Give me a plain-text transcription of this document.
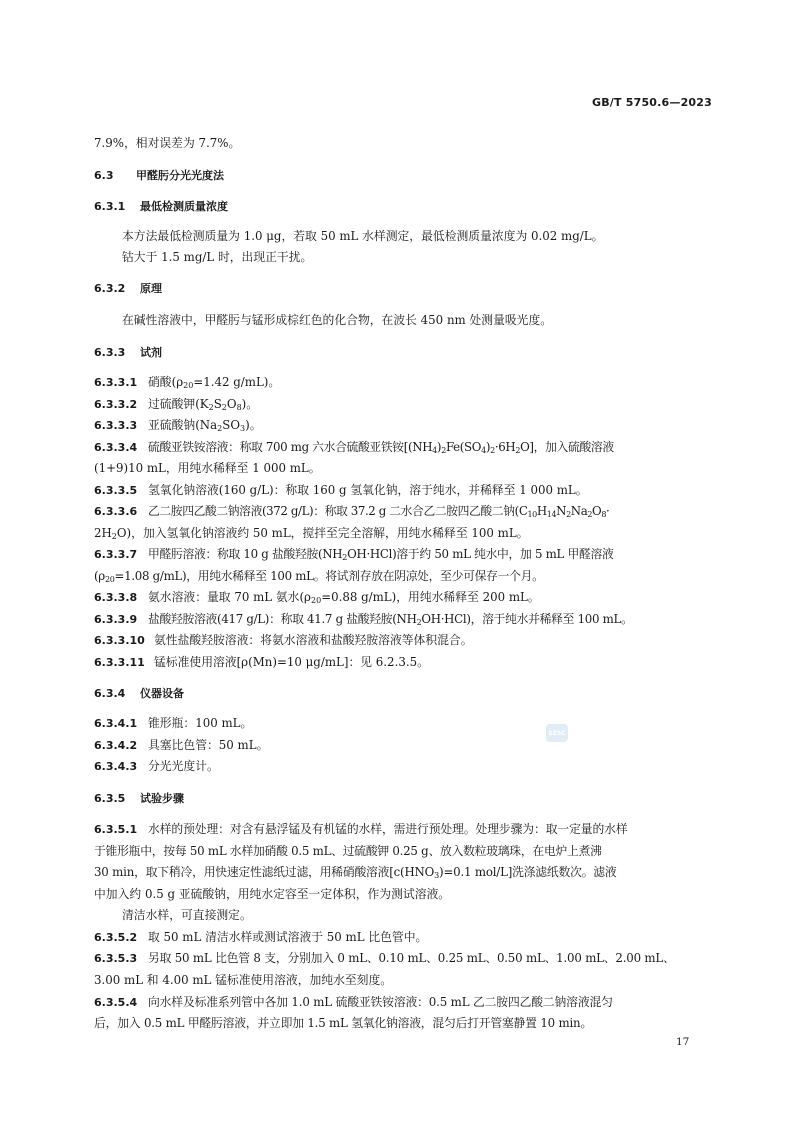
GB/T 5750.6—2023
SZSC
7.9%，相对误差为 7.7%。
6.3 甲醛肟分光光度法
6.3.1 最低检测质量浓度
本方法最低检测质量为 1.0 μg，若取 50 mL 水样测定，最低检测质量浓度为 0.02 mg/L。
钴大于 1.5 mg/L 时，出现正干扰。
6.3.2 原理
在碱性溶液中，甲醛肟与锰形成棕红色的化合物，在波长 450 nm 处测量吸光度。
6.3.3 试剂
6.3.3.1 硝酸($\rho_{20}=1.42$ g/mL)。
6.3.3.2 过硫酸钾$(K_2S_2O_8)$。
6.3.3.3 亚硫酸钠$(Na_2SO_3)$。
6.3.3.4 硫酸亚铁铵溶液：称取 700 mg 六水合硫酸亚铁铵$[(NH_4)_2Fe(SO_4)_2\cdot 6H_2O]$，加入硫酸溶液
(1+9)10 mL，用纯水稀释至 1 000 mL。
6.3.3.5 氢氧化钠溶液(160 g/L)：称取 160 g 氢氧化钠，溶于纯水，并稀释至 1 000 mL。
6.3.3.6 乙二胺四乙酸二钠溶液(372 g/L)：称取 37.2 g 二水合乙二胺四乙酸二钠($C_{10}H_{14}N_2Na_2O_8\cdot$
$2H_2O$)，加入氢氧化钠溶液约 50 mL，搅拌至完全溶解，用纯水稀释至 100 mL。
6.3.3.7 甲醛肟溶液：称取 10 g 盐酸羟胺$(NH_2OH\cdot HCl)$溶于约 50 mL 纯水中，加 5 mL 甲醛溶液
($\rho_{20}=1.08$ g/mL)，用纯水稀释至 100 mL。将试剂存放在阴凉处，至少可保存一个月。
6.3.3.8 氨水溶液：量取 70 mL 氨水($\rho_{20}=0.88$ g/mL)，用纯水稀释至 200 mL。
6.3.3.9 盐酸羟胺溶液(417 g/L)：称取 41.7 g 盐酸羟胺$(NH_2OH\cdot HCl)$，溶于纯水并稀释至 100 mL。
6.3.3.10 氨性盐酸羟胺溶液：将氨水溶液和盐酸羟胺溶液等体积混合。
6.3.3.11 锰标准使用溶液[ρ(Mn)=10 μg/mL]：见 6.2.3.5。
6.3.4 仪器设备
6.3.4.1 锥形瓶：100 mL。
6.3.4.2 具塞比色管：50 mL。
6.3.4.3 分光光度计。
6.3.5 试验步骤
6.3.5.1 水样的预处理：对含有悬浮锰及有机锰的水样，需进行预处理。处理步骤为：取一定量的水样
于锥形瓶中，按每 50 mL 水样加硝酸 0.5 mL、过硫酸钾 0.25 g、放入数粒玻璃珠，在电炉上煮沸
30 min，取下稍冷，用快速定性滤纸过滤，用稀硝酸溶液[$c(HNO_3)=0.1$ mol/L]洗涤滤纸数次。滤液
中加入约 0.5 g 亚硫酸钠，用纯水定容至一定体积，作为测试溶液。
清洁水样，可直接测定。
6.3.5.2 取 50 mL 清洁水样或测试溶液于 50 mL 比色管中。
6.3.5.3 另取 50 mL 比色管 8 支，分别加入 0 mL、0.10 mL、0.25 mL、0.50 mL、1.00 mL、2.00 mL、
3.00 mL 和 4.00 mL 锰标准使用溶液，加纯水至刻度。
6.3.5.4 向水样及标准系列管中各加 1.0 mL 硫酸亚铁铵溶液：0.5 mL 乙二胺四乙酸二钠溶液混匀
后，加入 0.5 mL 甲醛肟溶液，并立即加 1.5 mL 氢氧化钠溶液，混匀后打开管塞静置 10 min。
17
